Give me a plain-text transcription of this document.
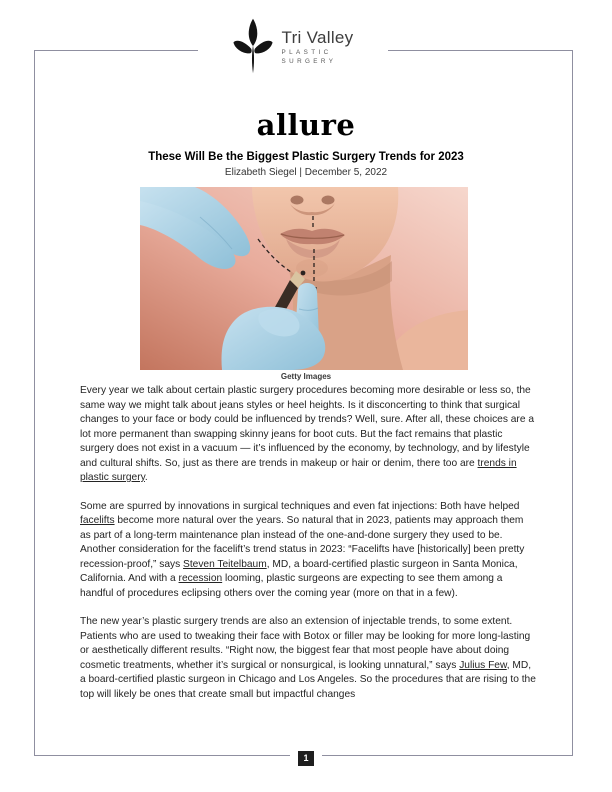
Tri Valley
PLASTIC
SURGERY
allure
These Will Be the Biggest Plastic Surgery Trends for 2023
Elizabeth Siegel | December 5, 2022
Getty Images

Every year we talk about certain plastic surgery procedures becoming more desirable or less so, the same way we might talk about jeans styles or heel heights. Is it disconcerting to think that surgical changes to your face or body could be influenced by trends? Well, sure. After all, these choices are a lot more permanent than swapping skinny jeans for boot cuts. But the fact remains that plastic surgery does not exist in a vacuum — it’s influenced by the economy, by technology, and by lifestyle and cultural shifts. So, just as there are trends in makeup or hair or denim, there too are trends in plastic surgery.

Some are spurred by innovations in surgical techniques and even fat injections: Both have helped facelifts become more natural over the years. So natural that in 2023, patients may approach them as part of a long-term maintenance plan instead of the one-and-done surgery they used to be. Another consideration for the facelift’s trend status in 2023: “Facelifts have [historically] been pretty recession-proof,” says Steven Teitelbaum, MD, a board-certified plastic surgeon in Santa Monica, California. And with a recession looming, plastic surgeons are expecting to see them among a handful of procedures eclipsing others over the coming year (more on that in a few).

The new year’s plastic surgery trends are also an extension of injectable trends, to some extent. Patients who are used to tweaking their face with Botox or filler may be looking for more long-lasting or aesthetically different results. “Right now, the biggest fear that most people have about doing cosmetic treatments, whether it’s surgical or nonsurgical, is looking unnatural,” says Julius Few, MD, a board-certified plastic surgeon in Chicago and Los Angeles. So the procedures that are rising to the top will likely be ones that create small but impactful changes

1
